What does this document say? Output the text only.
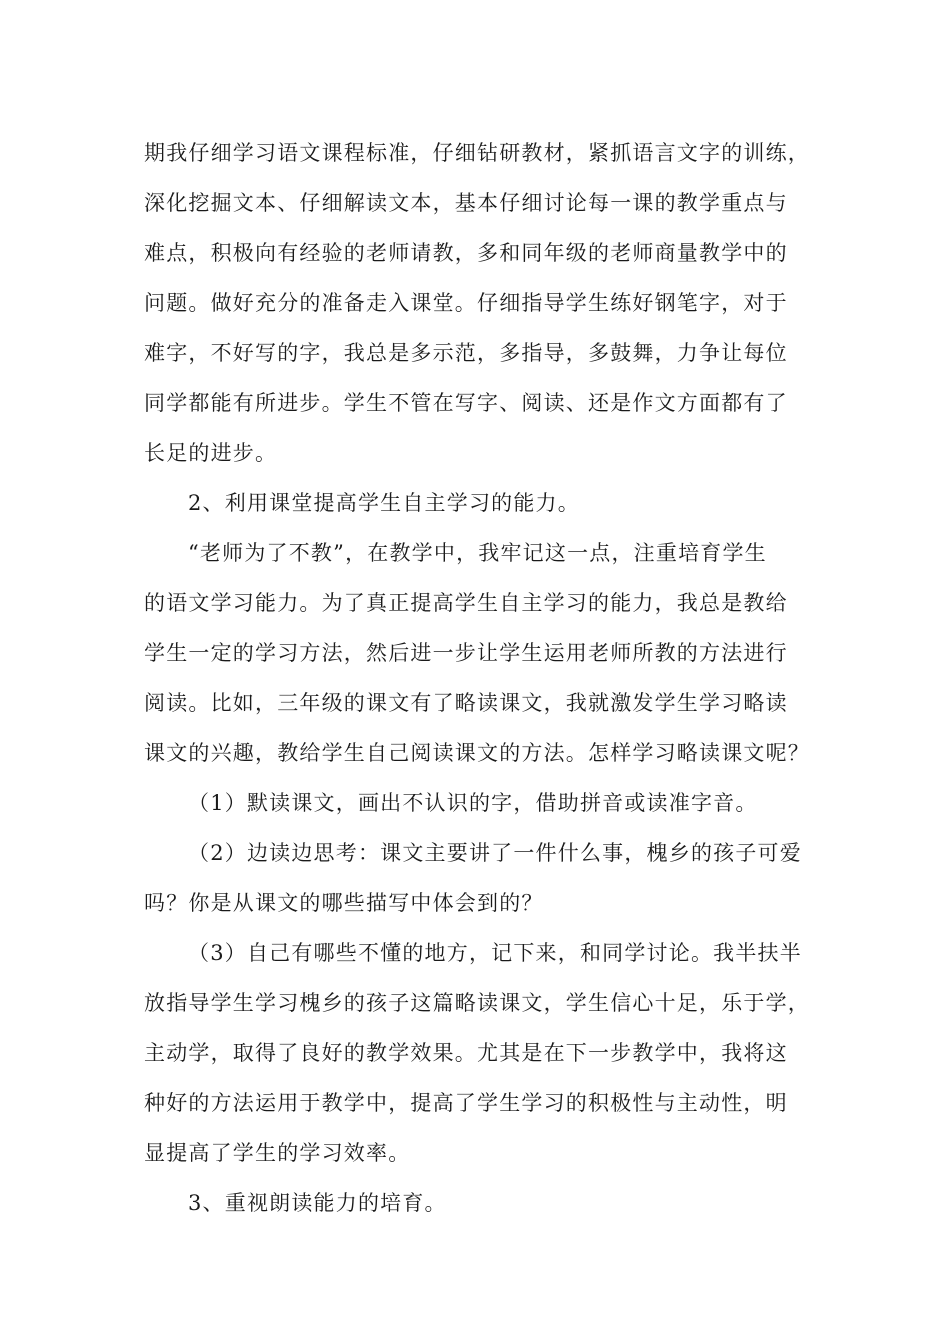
期我仔细学习语文课程标准，仔细钻研教材，紧抓语言文字的训练，
深化挖掘文本、仔细解读文本，基本仔细讨论每一课的教学重点与
难点，积极向有经验的老师请教，多和同年级的老师商量教学中的
问题。做好充分的准备走入课堂。仔细指导学生练好钢笔字，对于
难字，不好写的字，我总是多示范，多指导，多鼓舞，力争让每位
同学都能有所进步。学生不管在写字、阅读、还是作文方面都有了
长足的进步。
2、利用课堂提高学生自主学习的能力。
“老师为了不教”，在教学中，我牢记这一点，注重培育学生
的语文学习能力。为了真正提高学生自主学习的能力，我总是教给
学生一定的学习方法，然后进一步让学生运用老师所教的方法进行
阅读。比如，三年级的课文有了略读课文，我就激发学生学习略读
课文的兴趣，教给学生自己阅读课文的方法。怎样学习略读课文呢？
（1）默读课文，画出不认识的字，借助拼音或读准字音。
（2）边读边思考：课文主要讲了一件什么事，槐乡的孩子可爱
吗？你是从课文的哪些描写中体会到的？
（3）自己有哪些不懂的地方，记下来，和同学讨论。我半扶半
放指导学生学习槐乡的孩子这篇略读课文，学生信心十足，乐于学，
主动学，取得了良好的教学效果。尤其是在下一步教学中，我将这
种好的方法运用于教学中，提高了学生学习的积极性与主动性，明
显提高了学生的学习效率。
3、重视朗读能力的培育。
